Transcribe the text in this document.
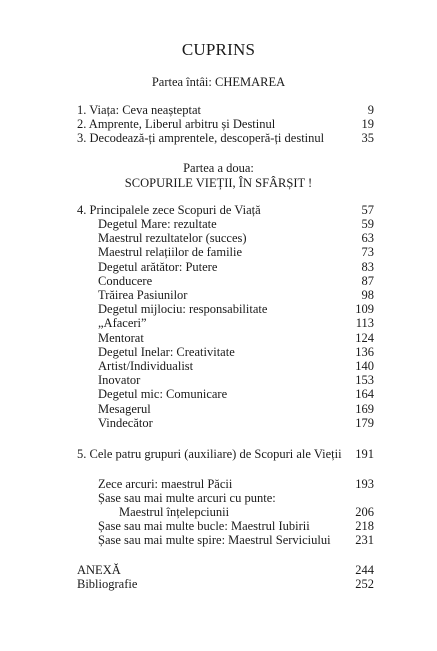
CUPRINS
Partea întâi: CHEMAREA
1. Viața: Ceva neașteptat	9
2. Amprente, Liberul arbitru și Destinul	19
3. Decodează-ți amprentele, descoperă-ți destinul	35
Partea a doua:
SCOPURILE VIEȚII, ÎN SFÂRȘIT !
4. Principalele zece Scopuri de Viață	57
Degetul Mare: rezultate	59
Maestrul rezultatelor (succes)	63
Maestrul relațiilor de familie	73
Degetul arătător: Putere	83
Conducere	87
Trăirea Pasiunilor	98
Degetul mijlociu: responsabilitate	109
„Afaceri”	113
Mentorat	124
Degetul Inelar: Creativitate	136
Artist/Individualist	140
Inovator	153
Degetul mic: Comunicare	164
Mesagerul	169
Vindecător	179
5. Cele patru grupuri (auxiliare) de Scopuri ale Vieții 191
Zece arcuri: maestrul Păcii	193
Șase sau mai multe arcuri cu punte:
Maestrul înțelepciunii	206
Șase sau mai multe bucle: Maestrul Iubirii	218
Șase sau mai multe spire: Maestrul Serviciului 231
ANEXĂ	244
Bibliografie	252
